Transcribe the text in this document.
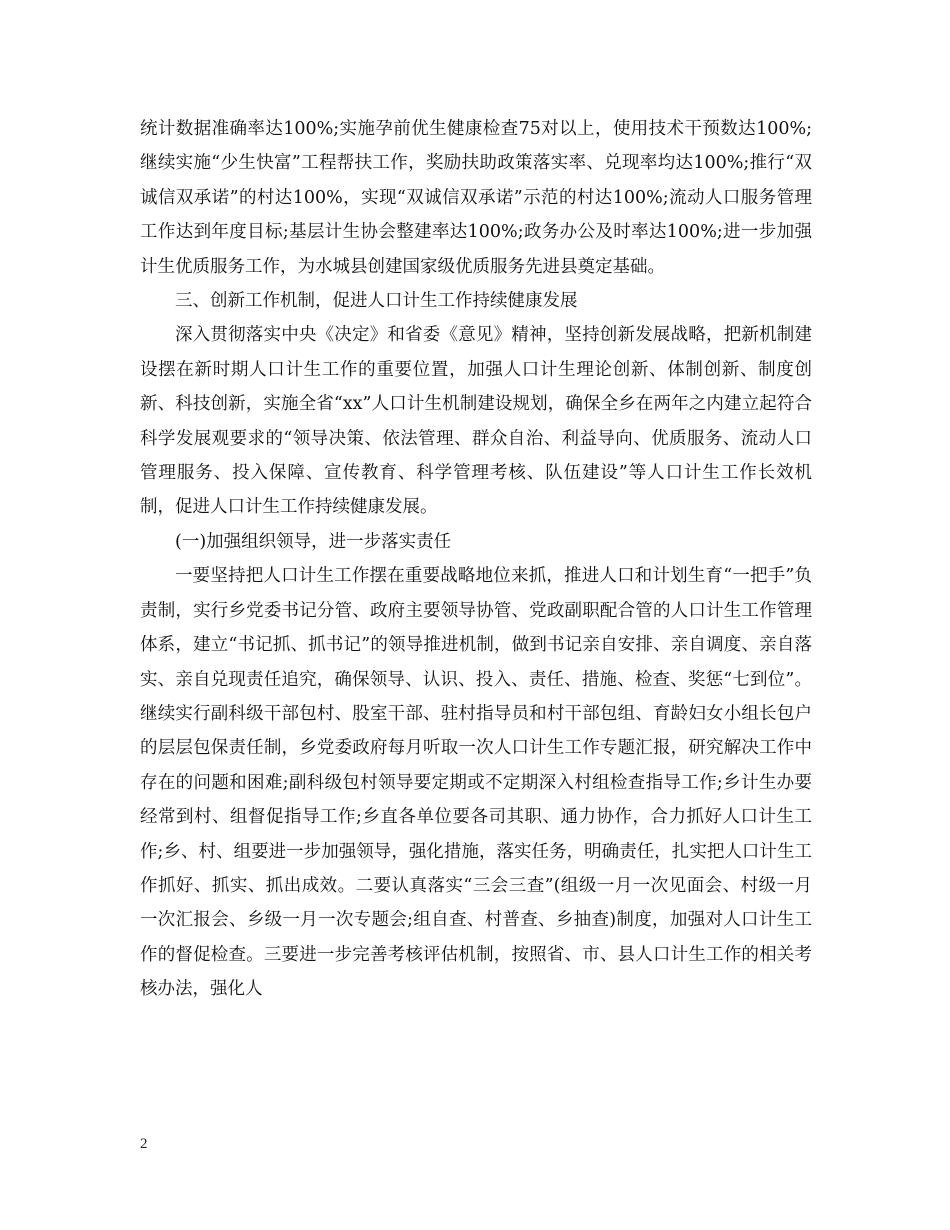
统计数据准确率达100%;实施孕前优生健康检查75对以上，使用技术干预数达100%;继续实施“少生快富”工程帮扶工作，奖励扶助政策落实率、兑现率均达100%;推行“双诚信双承诺”的村达100%，实现“双诚信双承诺”示范的村达100%;流动人口服务管理工作达到年度目标;基层计生协会整建率达100%;政务办公及时率达100%;进一步加强计生优质服务工作，为水城县创建国家级优质服务先进县奠定基础。

三、创新工作机制，促进人口计生工作持续健康发展

深入贯彻落实中央《决定》和省委《意见》精神，坚持创新发展战略，把新机制建设摆在新时期人口计生工作的重要位置，加强人口计生理论创新、体制创新、制度创新、科技创新，实施全省“xx”人口计生机制建设规划，确保全乡在两年之内建立起符合科学发展观要求的“领导决策、依法管理、群众自治、利益导向、优质服务、流动人口管理服务、投入保障、宣传教育、科学管理考核、队伍建设”等人口计生工作长效机制，促进人口计生工作持续健康发展。

(一)加强组织领导，进一步落实责任

一要坚持把人口计生工作摆在重要战略地位来抓，推进人口和计划生育“一把手”负责制，实行乡党委书记分管、政府主要领导协管、党政副职配合管的人口计生工作管理体系，建立“书记抓、抓书记”的领导推进机制，做到书记亲自安排、亲自调度、亲自落实、亲自兑现责任追究，确保领导、认识、投入、责任、措施、检查、奖惩“七到位”。继续实行副科级干部包村、股室干部、驻村指导员和村干部包组、育龄妇女小组长包户的层层包保责任制，乡党委政府每月听取一次人口计生工作专题汇报，研究解决工作中存在的问题和困难;副科级包村领导要定期或不定期深入村组检查指导工作;乡计生办要经常到村、组督促指导工作;乡直各单位要各司其职、通力协作，合力抓好人口计生工作;乡、村、组要进一步加强领导，强化措施，落实任务，明确责任，扎实把人口计生工作抓好、抓实、抓出成效。二要认真落实“三会三查”(组级一月一次见面会、村级一月一次汇报会、乡级一月一次专题会;组自查、村普查、乡抽查)制度，加强对人口计生工作的督促检查。三要进一步完善考核评估机制，按照省、市、县人口计生工作的相关考核办法，强化人

2
